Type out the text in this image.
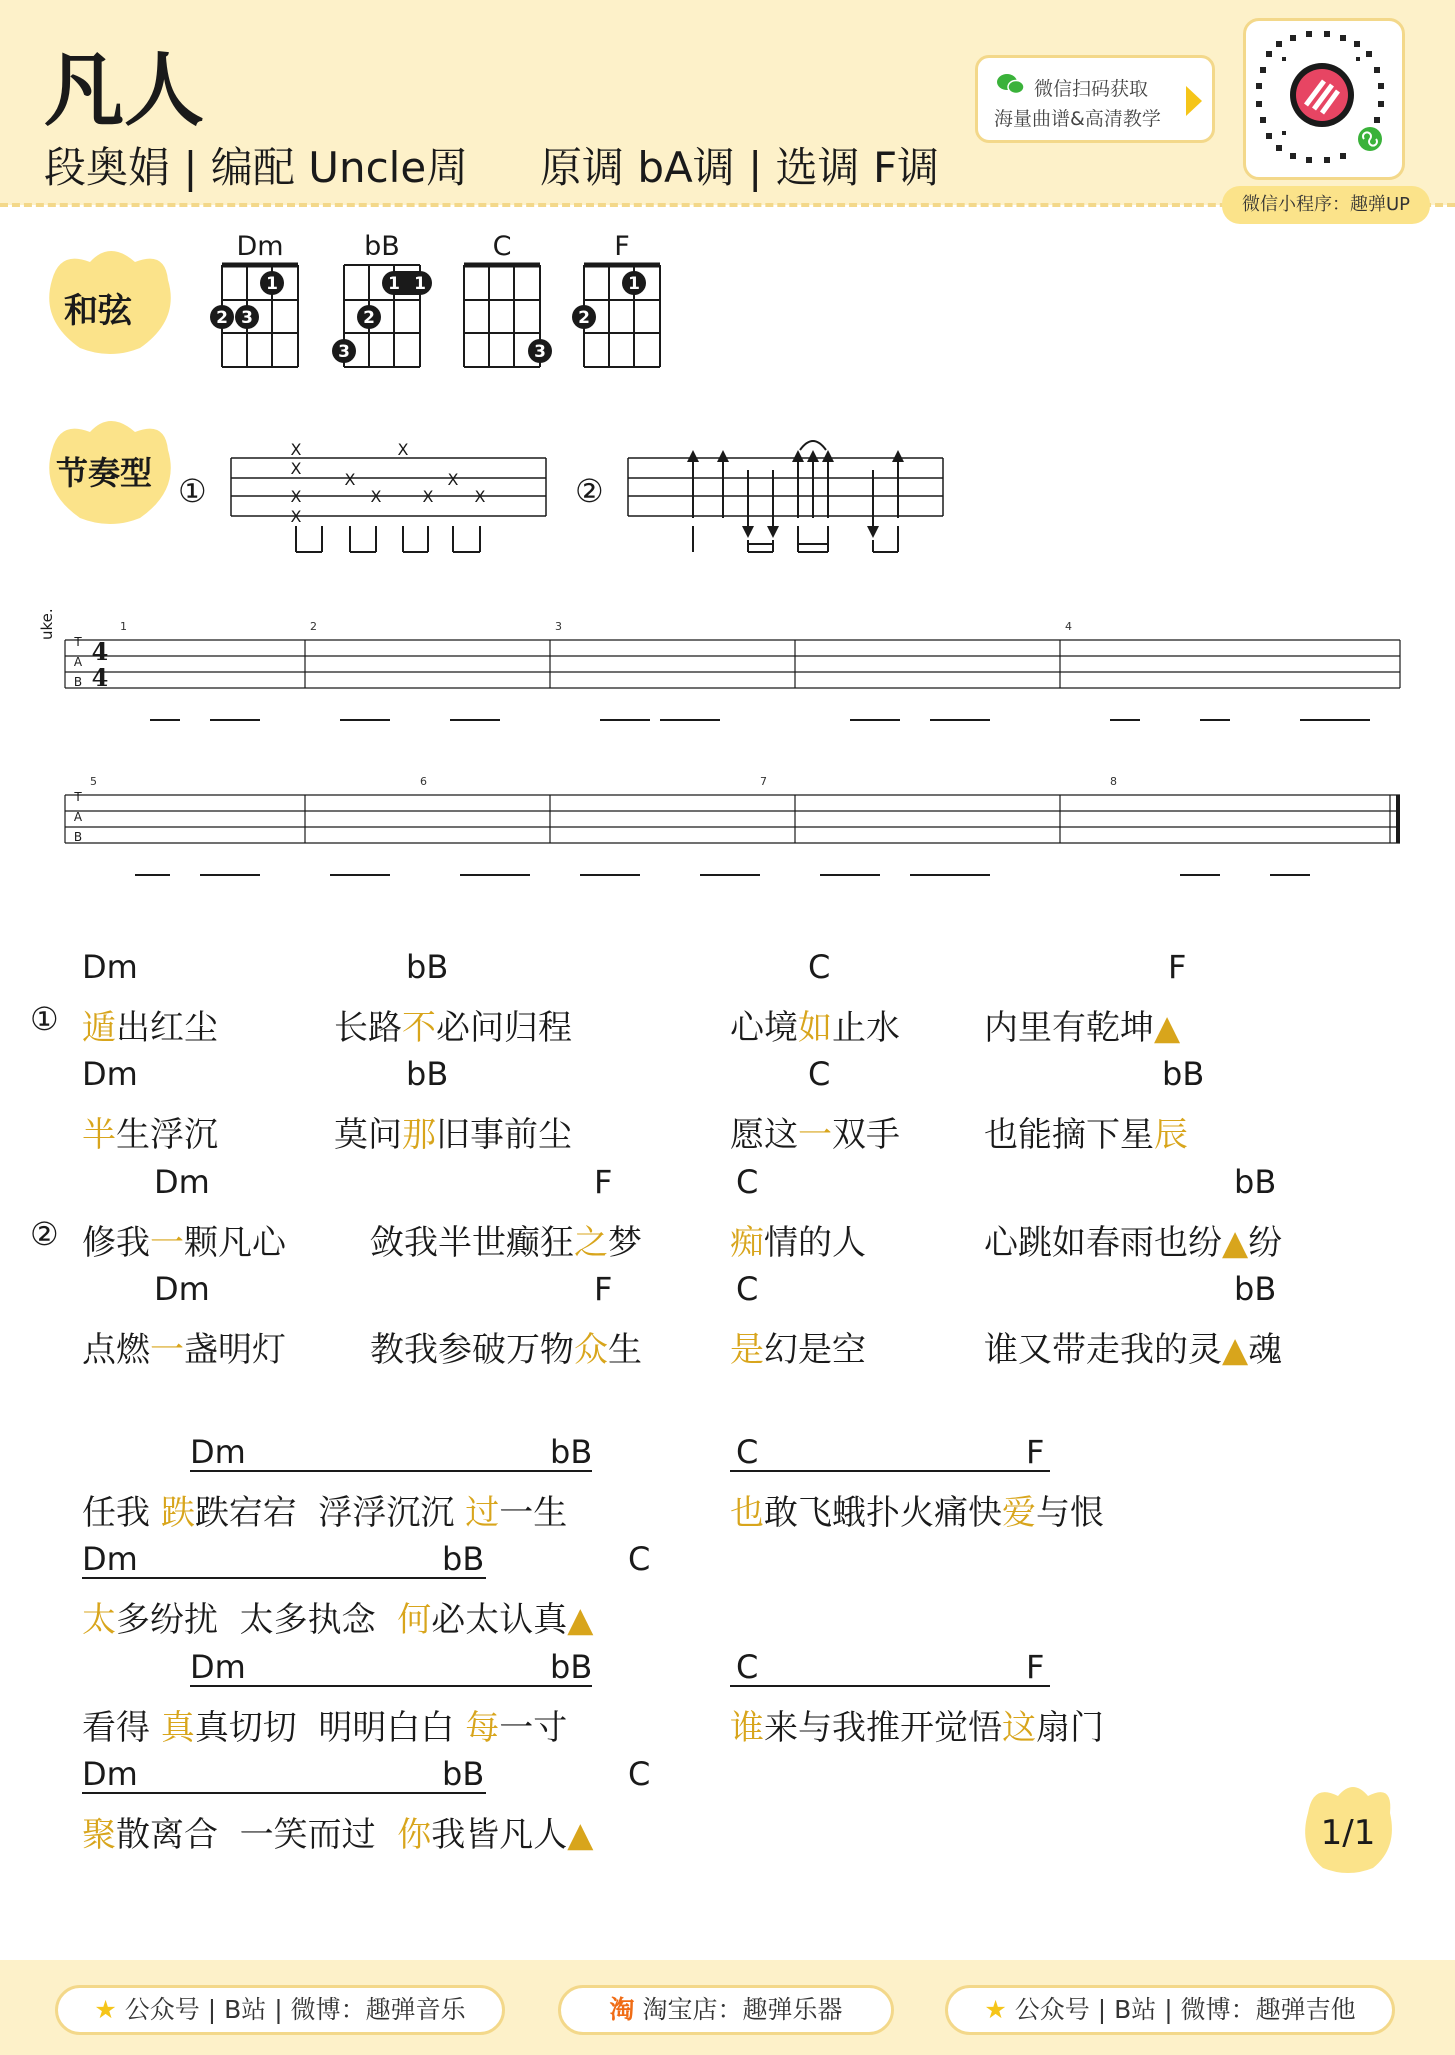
凡人
段奥娟 | 编配 Uncle周 原调 bA调 | 选调 F调
微信扫码获取
海量曲谱&高清教学
微信小程序：趣弹UP
和弦
Dm
1
2 3
bB
1 1
2
3
C
3
F
1
2
节奏型 ①	②
X
X
X
X
X
X
X
X
X
X
uke.
T
A
B
T
A
B
4
4
1	2	3	4
5	6	7	8
Dm	bB	C	F
① 遁出红尘	长路不必问归程	心境如止水 内里有乾坤▲
Dm	bB	C	bB
半生浮沉	莫问那旧事前尘	愿这一双手 也能摘下星辰
Dm	F	C	bB
② 修我一颗凡心 敛我半世癫狂之梦	痴情的人	心跳如春雨也纷▲纷
Dm	F	C	bB
点燃一盏明灯 教我参破万物众生	是幻是空	谁又带走我的灵▲魂
Dm	bB	C	F
任我 跌跌宕宕  浮浮沉沉 过一生	也敢飞蛾扑火痛快爱与恨
Dm	bB	C
太多纷扰  太多执念  何必太认真▲
Dm	bB	C	F
看得 真真切切  明明白白 每一寸	谁来与我推开觉悟这扇门
Dm	bB	C
聚散离合  一笑而过  你我皆凡人▲	1/1
★ 公众号 | B站 | 微博：趣弹音乐	淘 淘宝店：趣弹乐器	★ 公众号 | B站 | 微博：趣弹吉他
